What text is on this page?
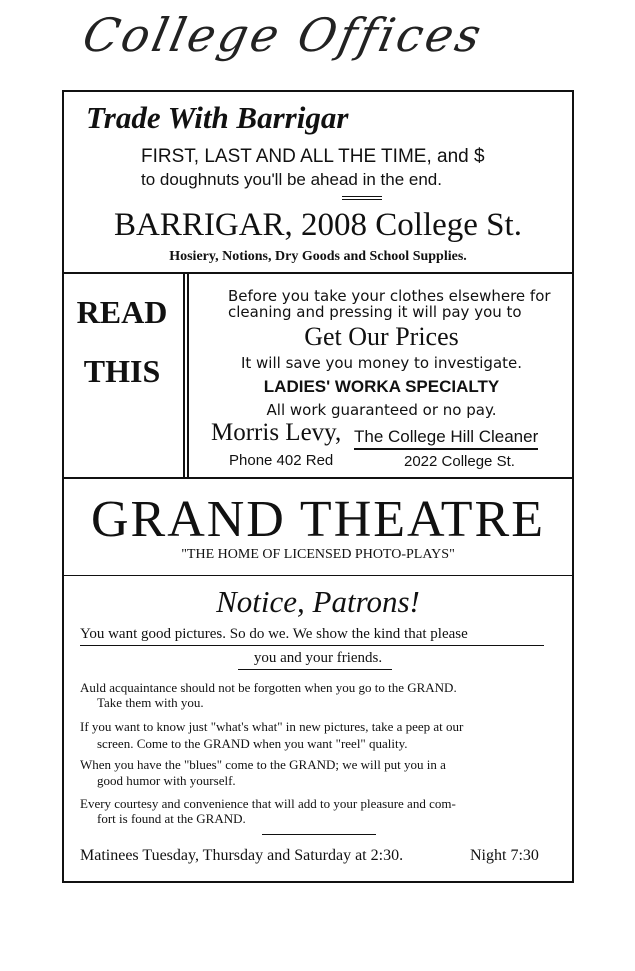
College Offices
Trade With Barrigar
FIRST, LAST AND ALL THE TIME, and $
to doughnuts you'll be ahead in the end.
BARRIGAR, 2008 College St.
Hosiery, Notions, Dry Goods and School Supplies.
READ
THIS
Before you take your clothes elsewhere for
cleaning and pressing it will pay you to
Get Our Prices
It will save you money to investigate.
LADIES' WORKA SPECIALTY
All work guaranteed or no pay.
Morris Levy, The College Hill Cleaner
Phone 402 Red	2022 College St.
GRAND THEATRE
"THE HOME OF LICENSED PHOTO-PLAYS"
Notice, Patrons!
You want good pictures. So do we. We show the kind that please
you and your friends.
Auld acquaintance should not be forgotten when you go to the GRAND.
Take them with you.
If you want to know just "what's what" in new pictures, take a peep at our
screen. Come to the GRAND when you want "reel" quality.
When you have the "blues" come to the GRAND; we will put you in a
good humor with yourself.
Every courtesy and convenience that will add to your pleasure and com-
fort is found at the GRAND.
Matinees Tuesday, Thursday and Saturday at 2:30.	Night 7:30
